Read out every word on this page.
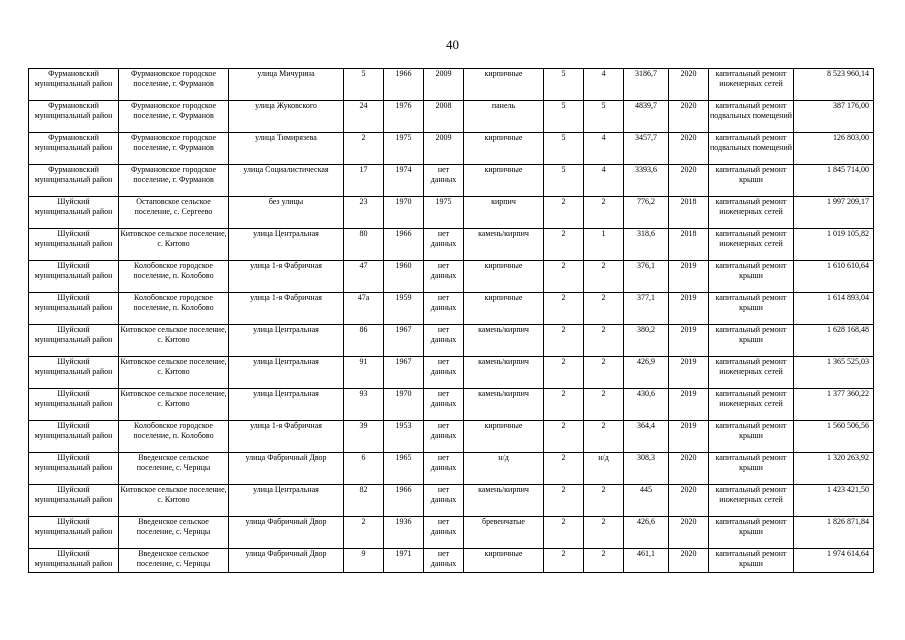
40
Фурмановский муниципальный район	Фурмановское городское поселение, г. Фурманов	улица Мичурина	5	1966	2009	кирпичные	5	4	3186,7	2020	капитальный ремонт инженерных сетей	8 523 960,14
Фурмановский муниципальный район	Фурмановское городское поселение, г. Фурманов	улица Жуковского	24	1976	2008	панель	5	5	4839,7	2020	капитальный ремонт подвальных помещений	387 176,00
Фурмановский муниципальный район	Фурмановское городское поселение, г. Фурманов	улица Тимирязева	2	1975	2009	кирпичные	5	4	3457,7	2020	капитальный ремонт подвальных помещений	126 803,00
Фурмановский муниципальный район	Фурмановское городское поселение, г. Фурманов	улица Социалистическая	17	1974	нет данных	кирпичные	5	4	3393,6	2020	капитальный ремонт крыши	1 845 714,00
Шуйский муниципальный район	Остаповское сельское поселение, с. Сергеево	без улицы	23	1970	1975	кирпич	2	2	776,2	2018	капитальный ремонт инженерных сетей	1 997 209,17
Шуйский муниципальный район	Китовское сельское поселение, с. Китово	улица Центральная	80	1966	нет данных	камень/кирпич	2	1	318,6	2018	капитальный ремонт инженерных сетей	1 019 105,82
Шуйский муниципальный район	Колобовское городское поселение, п. Колобово	улица 1-я Фабричная	47	1960	нет данных	кирпичные	2	2	376,1	2019	капитальный ремонт крыши	1 610 610,64
Шуйский муниципальный район	Колобовское городское поселение, п. Колобово	улица 1-я Фабричная	47а	1959	нет данных	кирпичные	2	2	377,1	2019	капитальный ремонт крыши	1 614 893,04
Шуйский муниципальный район	Китовское сельское поселение, с. Китово	улица Центральная	86	1967	нет данных	камень/кирпич	2	2	380,2	2019	капитальный ремонт крыши	1 628 168,48
Шуйский муниципальный район	Китовское сельское поселение, с. Китово	улица Центральная	91	1967	нет данных	камень/кирпич	2	2	426,9	2019	капитальный ремонт инженерных сетей	1 365 525,03
Шуйский муниципальный район	Китовское сельское поселение, с. Китово	улица Центральная	93	1970	нет данных	камень/кирпич	2	2	430,6	2019	капитальный ремонт инженерных сетей	1 377 360,22
Шуйский муниципальный район	Колобовское городское поселение, п. Колобово	улица 1-я Фабричная	39	1953	нет данных	кирпичные	2	2	364,4	2019	капитальный ремонт крыши	1 560 506,56
Шуйский муниципальный район	Введенское сельское поселение, с. Чернцы	улица Фабричный Двор	6	1965	нет данных	н/д	2	н/д	308,3	2020	капитальный ремонт крыши	1 320 263,92
Шуйский муниципальный район	Китовское сельское поселение, с. Китово	улица Центральная	82	1966	нет данных	камень/кирпич	2	2	445	2020	капитальный ремонт инженерных сетей	1 423 421,50
Шуйский муниципальный район	Введенское сельское поселение, с. Чернцы	улица Фабричный Двор	2	1936	нет данных	бревенчатые	2	2	426,6	2020	капитальный ремонт крыши	1 826 871,84
Шуйский муниципальный район	Введенское сельское поселение, с. Чернцы	улица Фабричный Двор	9	1971	нет данных	кирпичные	2	2	461,1	2020	капитальный ремонт крыши	1 974 614,64
